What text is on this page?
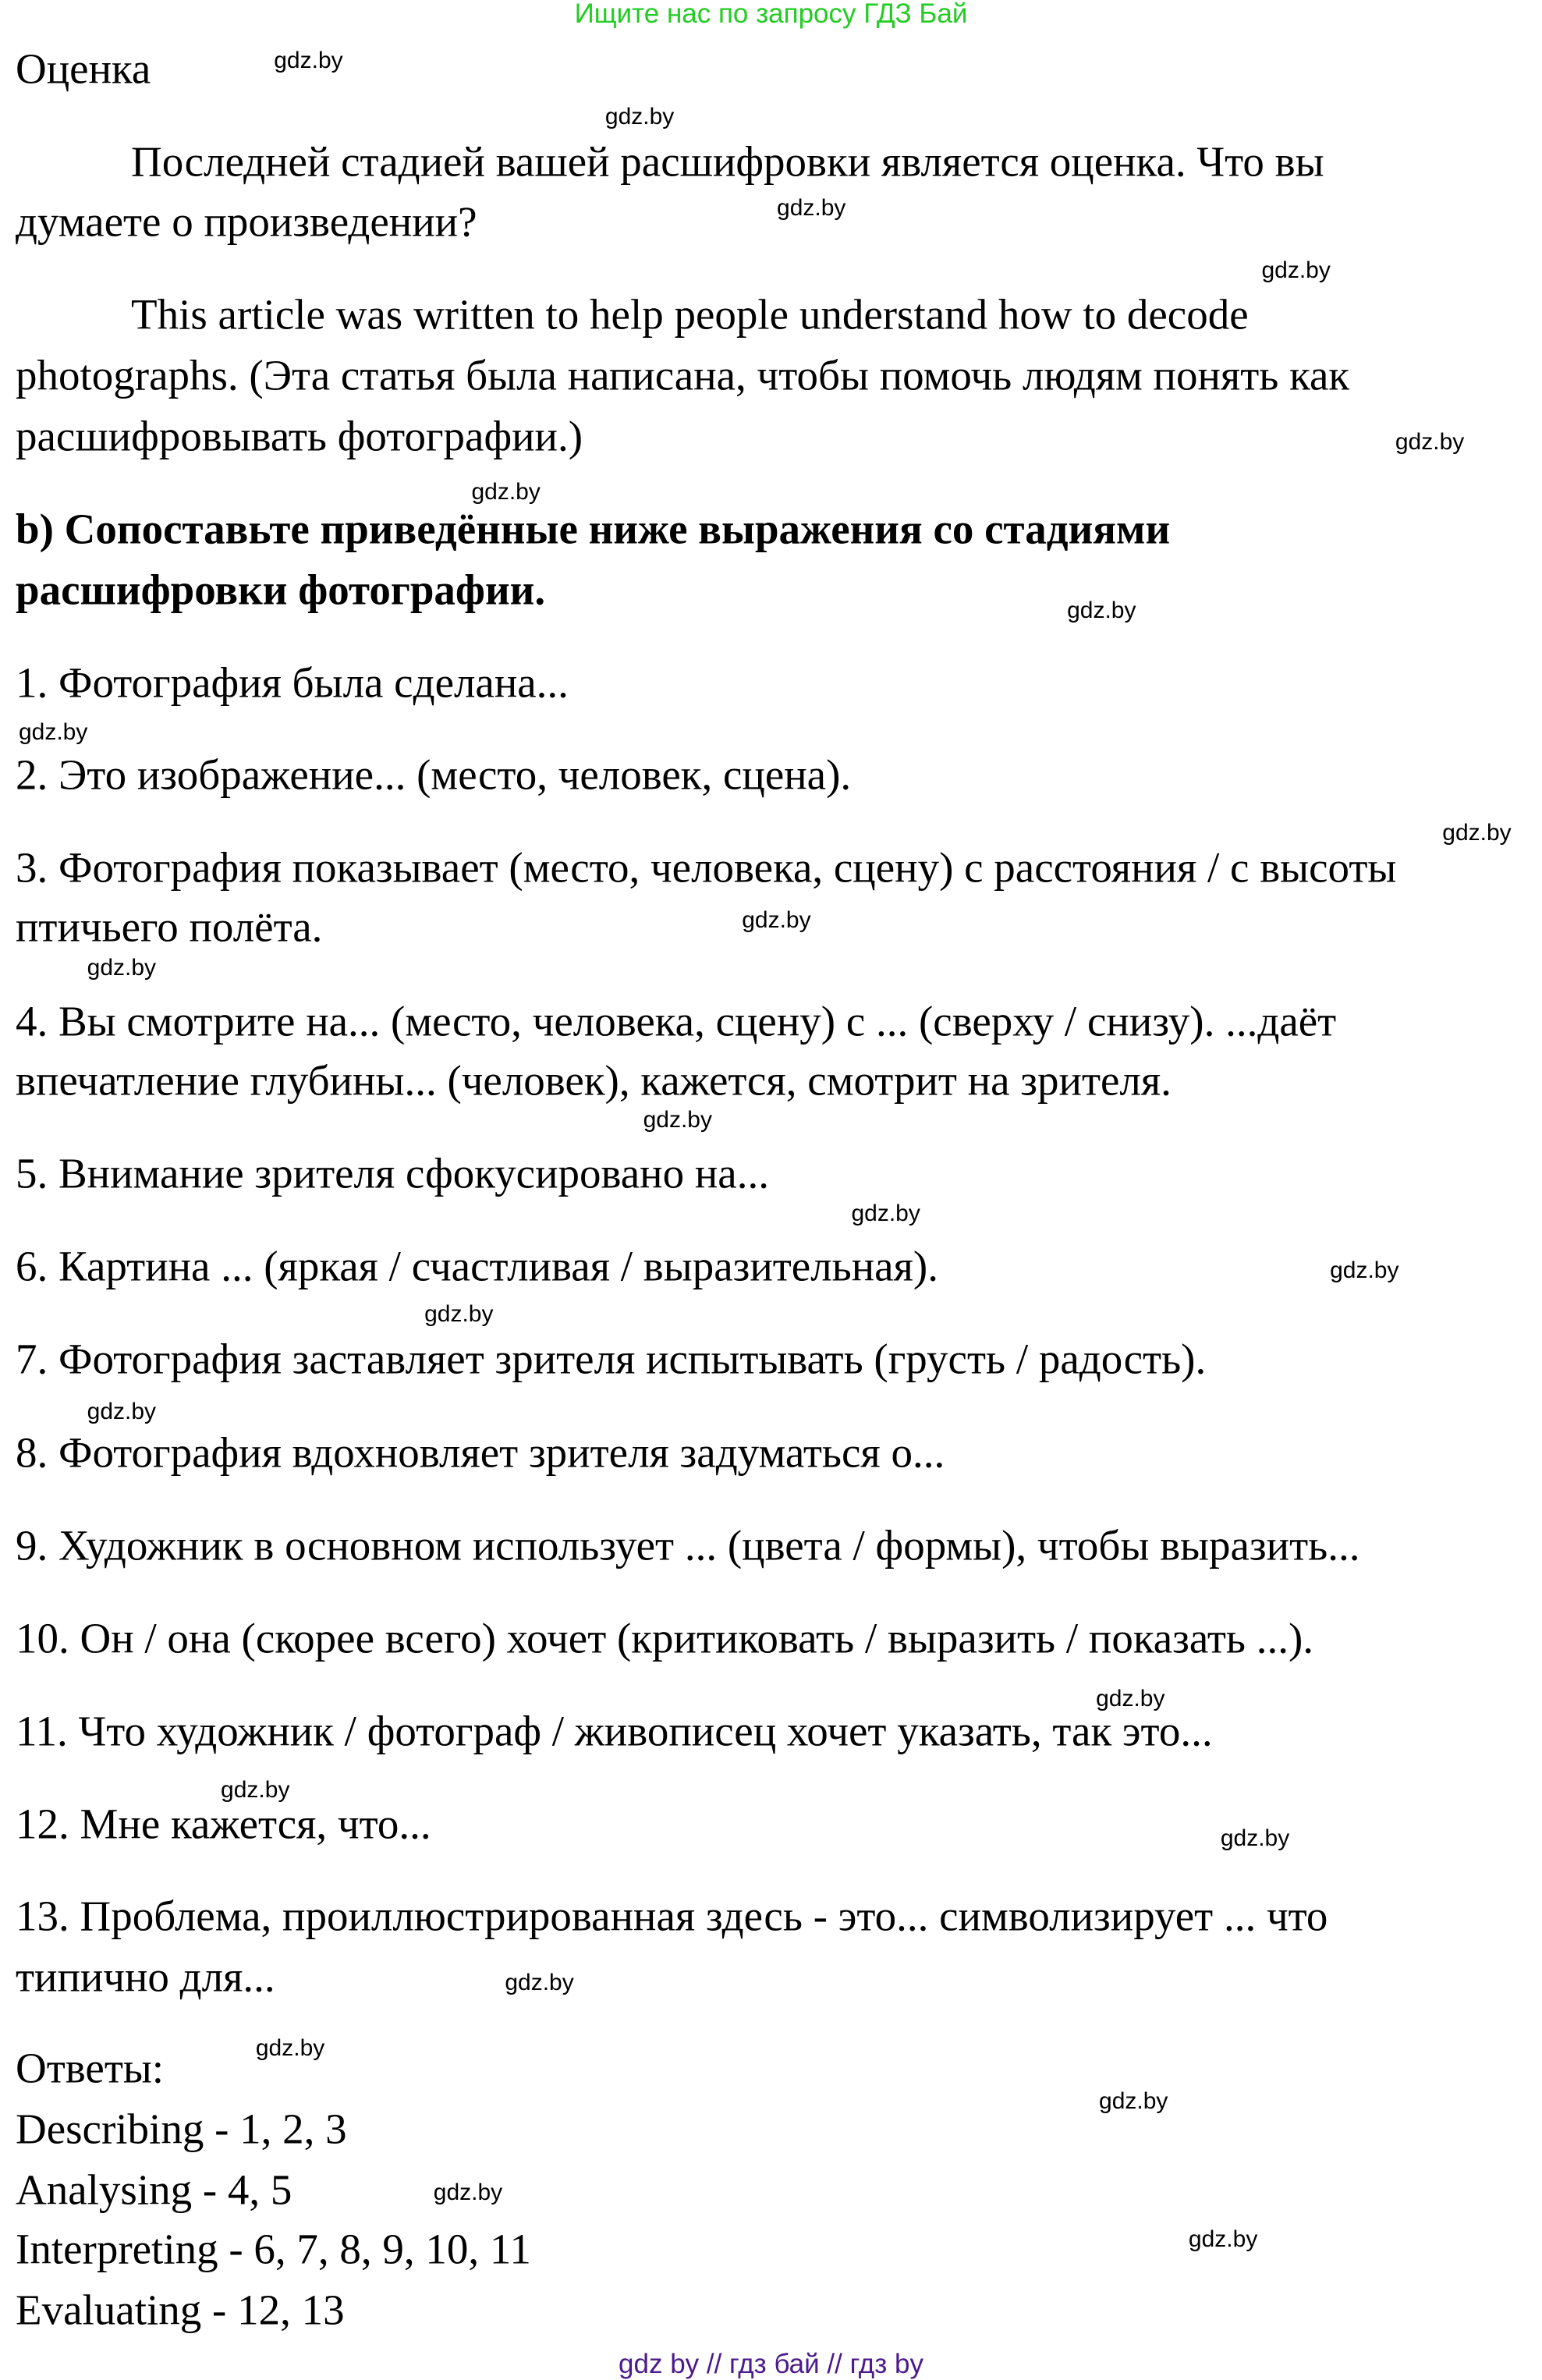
Ищите нас по запросу ГДЗ Бай
Оценка
Последней стадией вашей расшифровки является оценка. Что вы
думаете о произведении?
This article was written to help people understand how to decode
photographs. (Эта статья была написана, чтобы помочь людям понять как
расшифровывать фотографии.)
b) Сопоставьте приведённые ниже выражения со стадиями
расшифровки фотографии.
1. Фотография была сделана...
2. Это изображение... (место, человек, сцена).
3. Фотография показывает (место, человека, сцену) с расстояния / с высоты
птичьего полёта.
4. Вы смотрите на... (место, человека, сцену) с ... (сверху / снизу). ...даёт
впечатление глубины... (человек), кажется, смотрит на зрителя.
5. Внимание зрителя сфокусировано на...
6. Картина ... (яркая / счастливая / выразительная).
7. Фотография заставляет зрителя испытывать (грусть / радость).
8. Фотография вдохновляет зрителя задуматься о...
9. Художник в основном использует ... (цвета / формы), чтобы выразить...
10. Он / она (скорее всего) хочет (критиковать / выразить / показать ...).
11. Что художник / фотограф / живописец хочет указать, так это...
12. Мне кажется, что...
13. Проблема, проиллюстрированная здесь - это... символизирует ... что
типично для...
Ответы:
Describing - 1, 2, 3
Analysing - 4, 5
Interpreting - 6, 7, 8, 9, 10, 11
Evaluating - 12, 13
gdz.by
gdz.by
gdz.by
gdz.by
gdz.by
gdz.by
gdz.by
gdz.by
gdz.by
gdz.by
gdz.by
gdz.by
gdz.by
gdz.by
gdz.by
gdz.by
gdz.by
gdz.by
gdz.by
gdz.by
gdz.by
gdz.by
gdz.by
gdz.by
gdz by // гдз бай // гдз by
